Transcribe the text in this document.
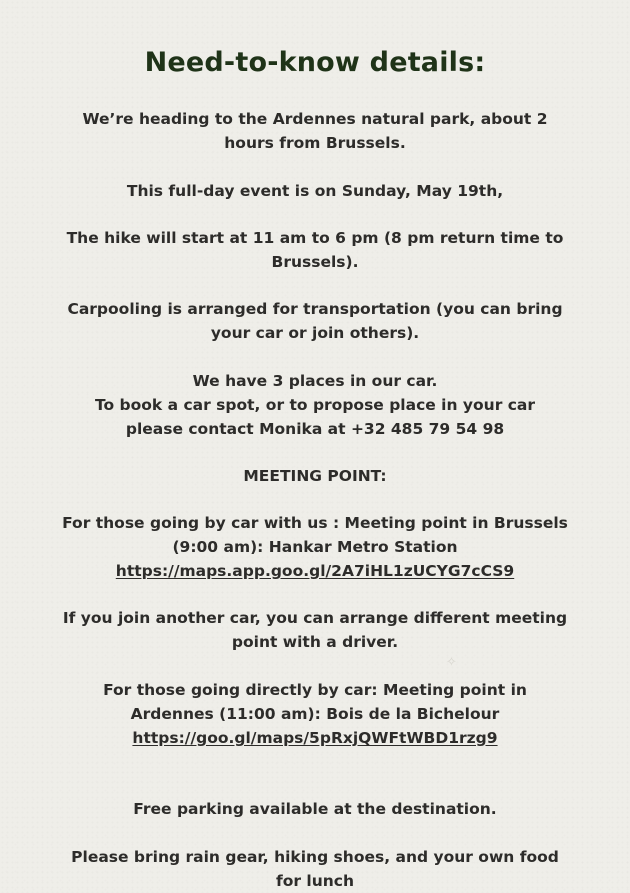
Need-to-know details:
We’re heading to the Ardennes natural park, about 2
hours from Brussels.
This full-day event is on Sunday, May 19th,
The hike will start at 11 am to 6 pm (8 pm return time to
Brussels).
Carpooling is arranged for transportation (you can bring
your car or join others).
We have 3 places in our car.
To book a car spot, or to propose place in your car
please contact Monika at +32 485 79 54 98
MEETING POINT:
For those going by car with us : Meeting point in Brussels
(9:00 am): Hankar Metro Station
https://maps.app.goo.gl/2A7iHL1zUCYG7cCS9
If you join another car, you can arrange different meeting
point with a driver.
✧
For those going directly by car: Meeting point in
Ardennes (11:00 am): Bois de la Bichelour
https://goo.gl/maps/5pRxjQWFtWBD1rzg9
Free parking available at the destination.
Please bring rain gear, hiking shoes, and your own food
for lunch
